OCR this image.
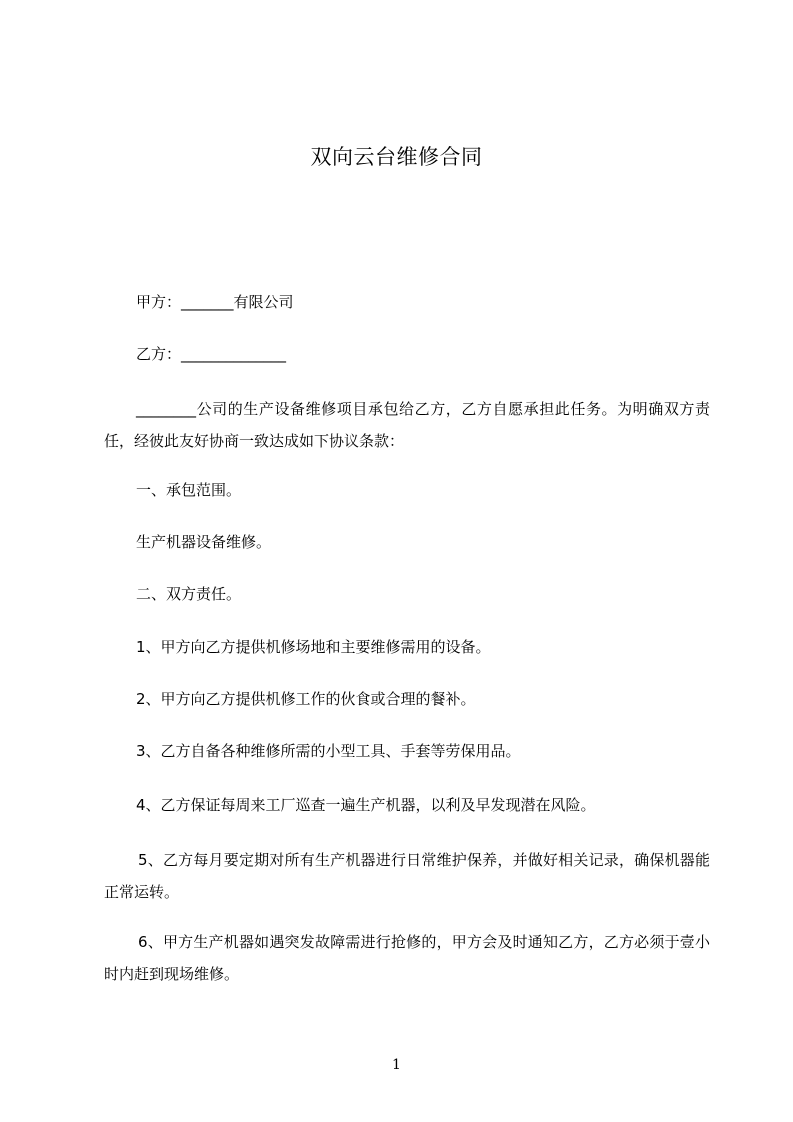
双向云台维修合同
甲方：_______有限公司
乙方：______________
________公司的生产设备维修项目承包给乙方，乙方自愿承担此任务。为明确双方责任，经彼此友好协商一致达成如下协议条款：
一、承包范围。
生产机器设备维修。
二、双方责任。
1、甲方向乙方提供机修场地和主要维修需用的设备。
2、甲方向乙方提供机修工作的伙食或合理的餐补。
3、乙方自备各种维修所需的小型工具、手套等劳保用品。
4、乙方保证每周来工厂巡查一遍生产机器，以利及早发现潜在风险。
5、乙方每月要定期对所有生产机器进行日常维护保养，并做好相关记录，确保机器能正常运转。
6、甲方生产机器如遇突发故障需进行抢修的，甲方会及时通知乙方，乙方必须于壹小时内赶到现场维修。
1
